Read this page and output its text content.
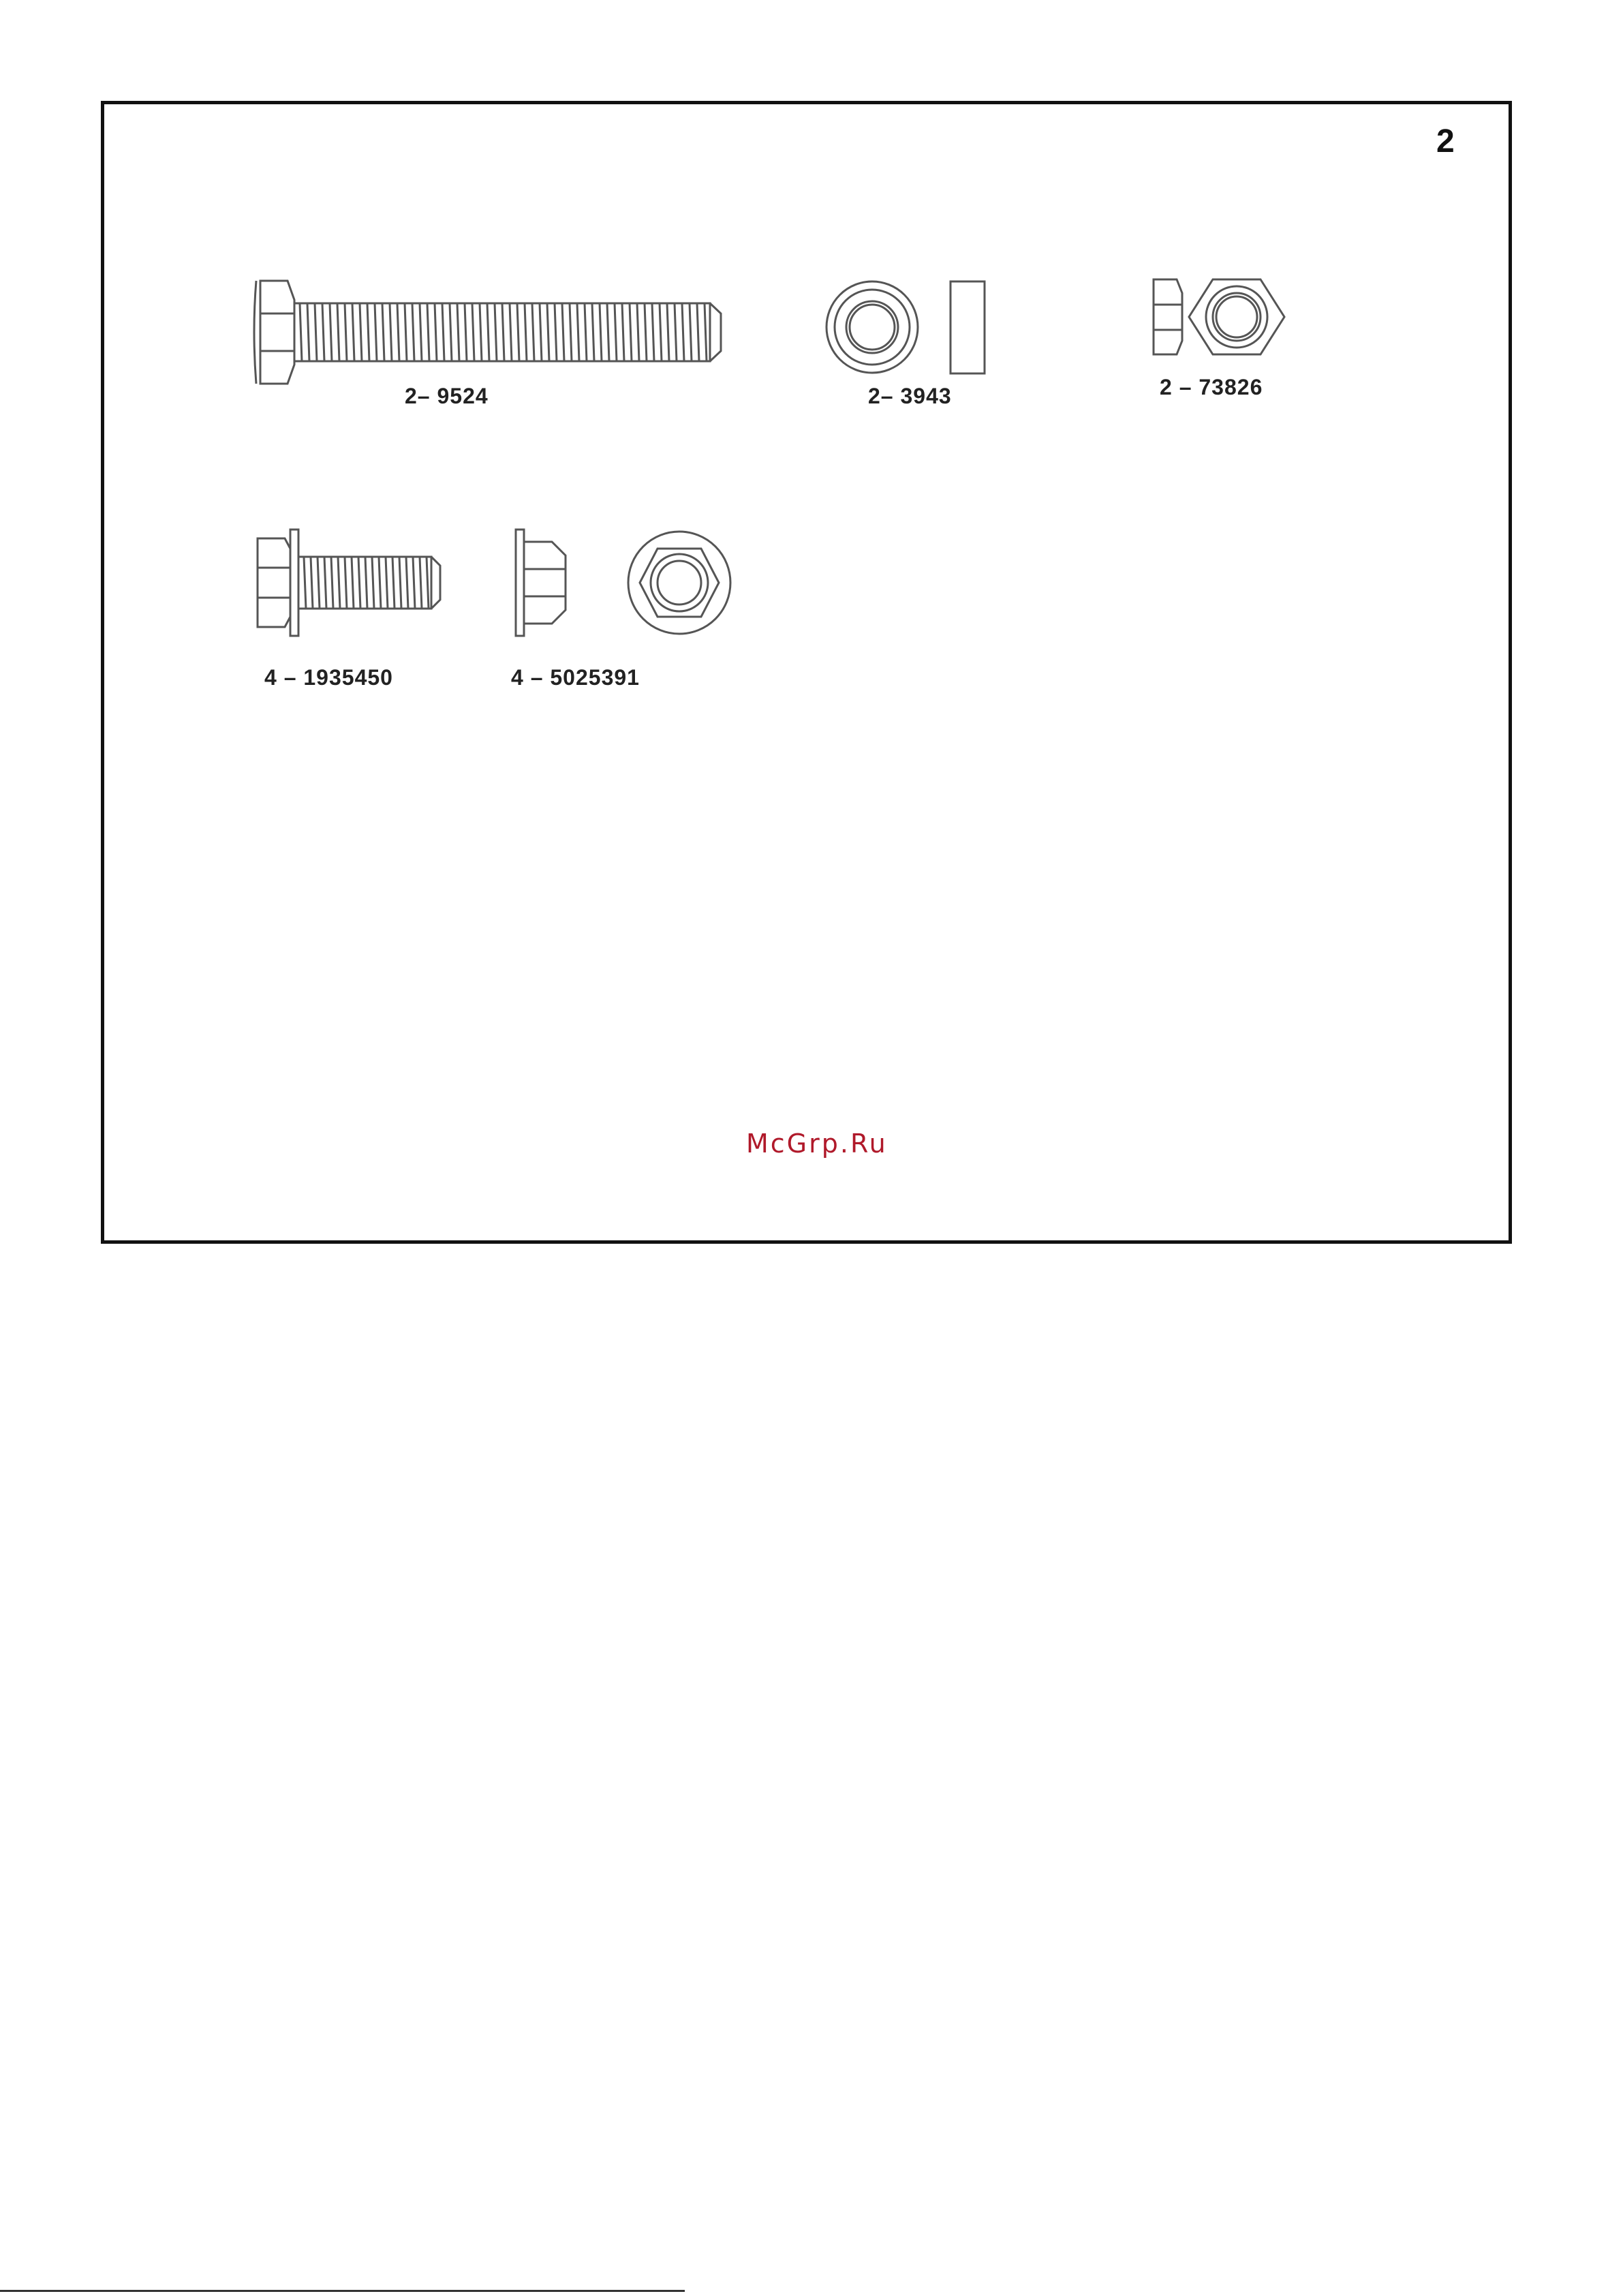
2
2– 9524	2– 3943	2 – 73826
4 – 1935450	4 – 5025391
McGrp.Ru
